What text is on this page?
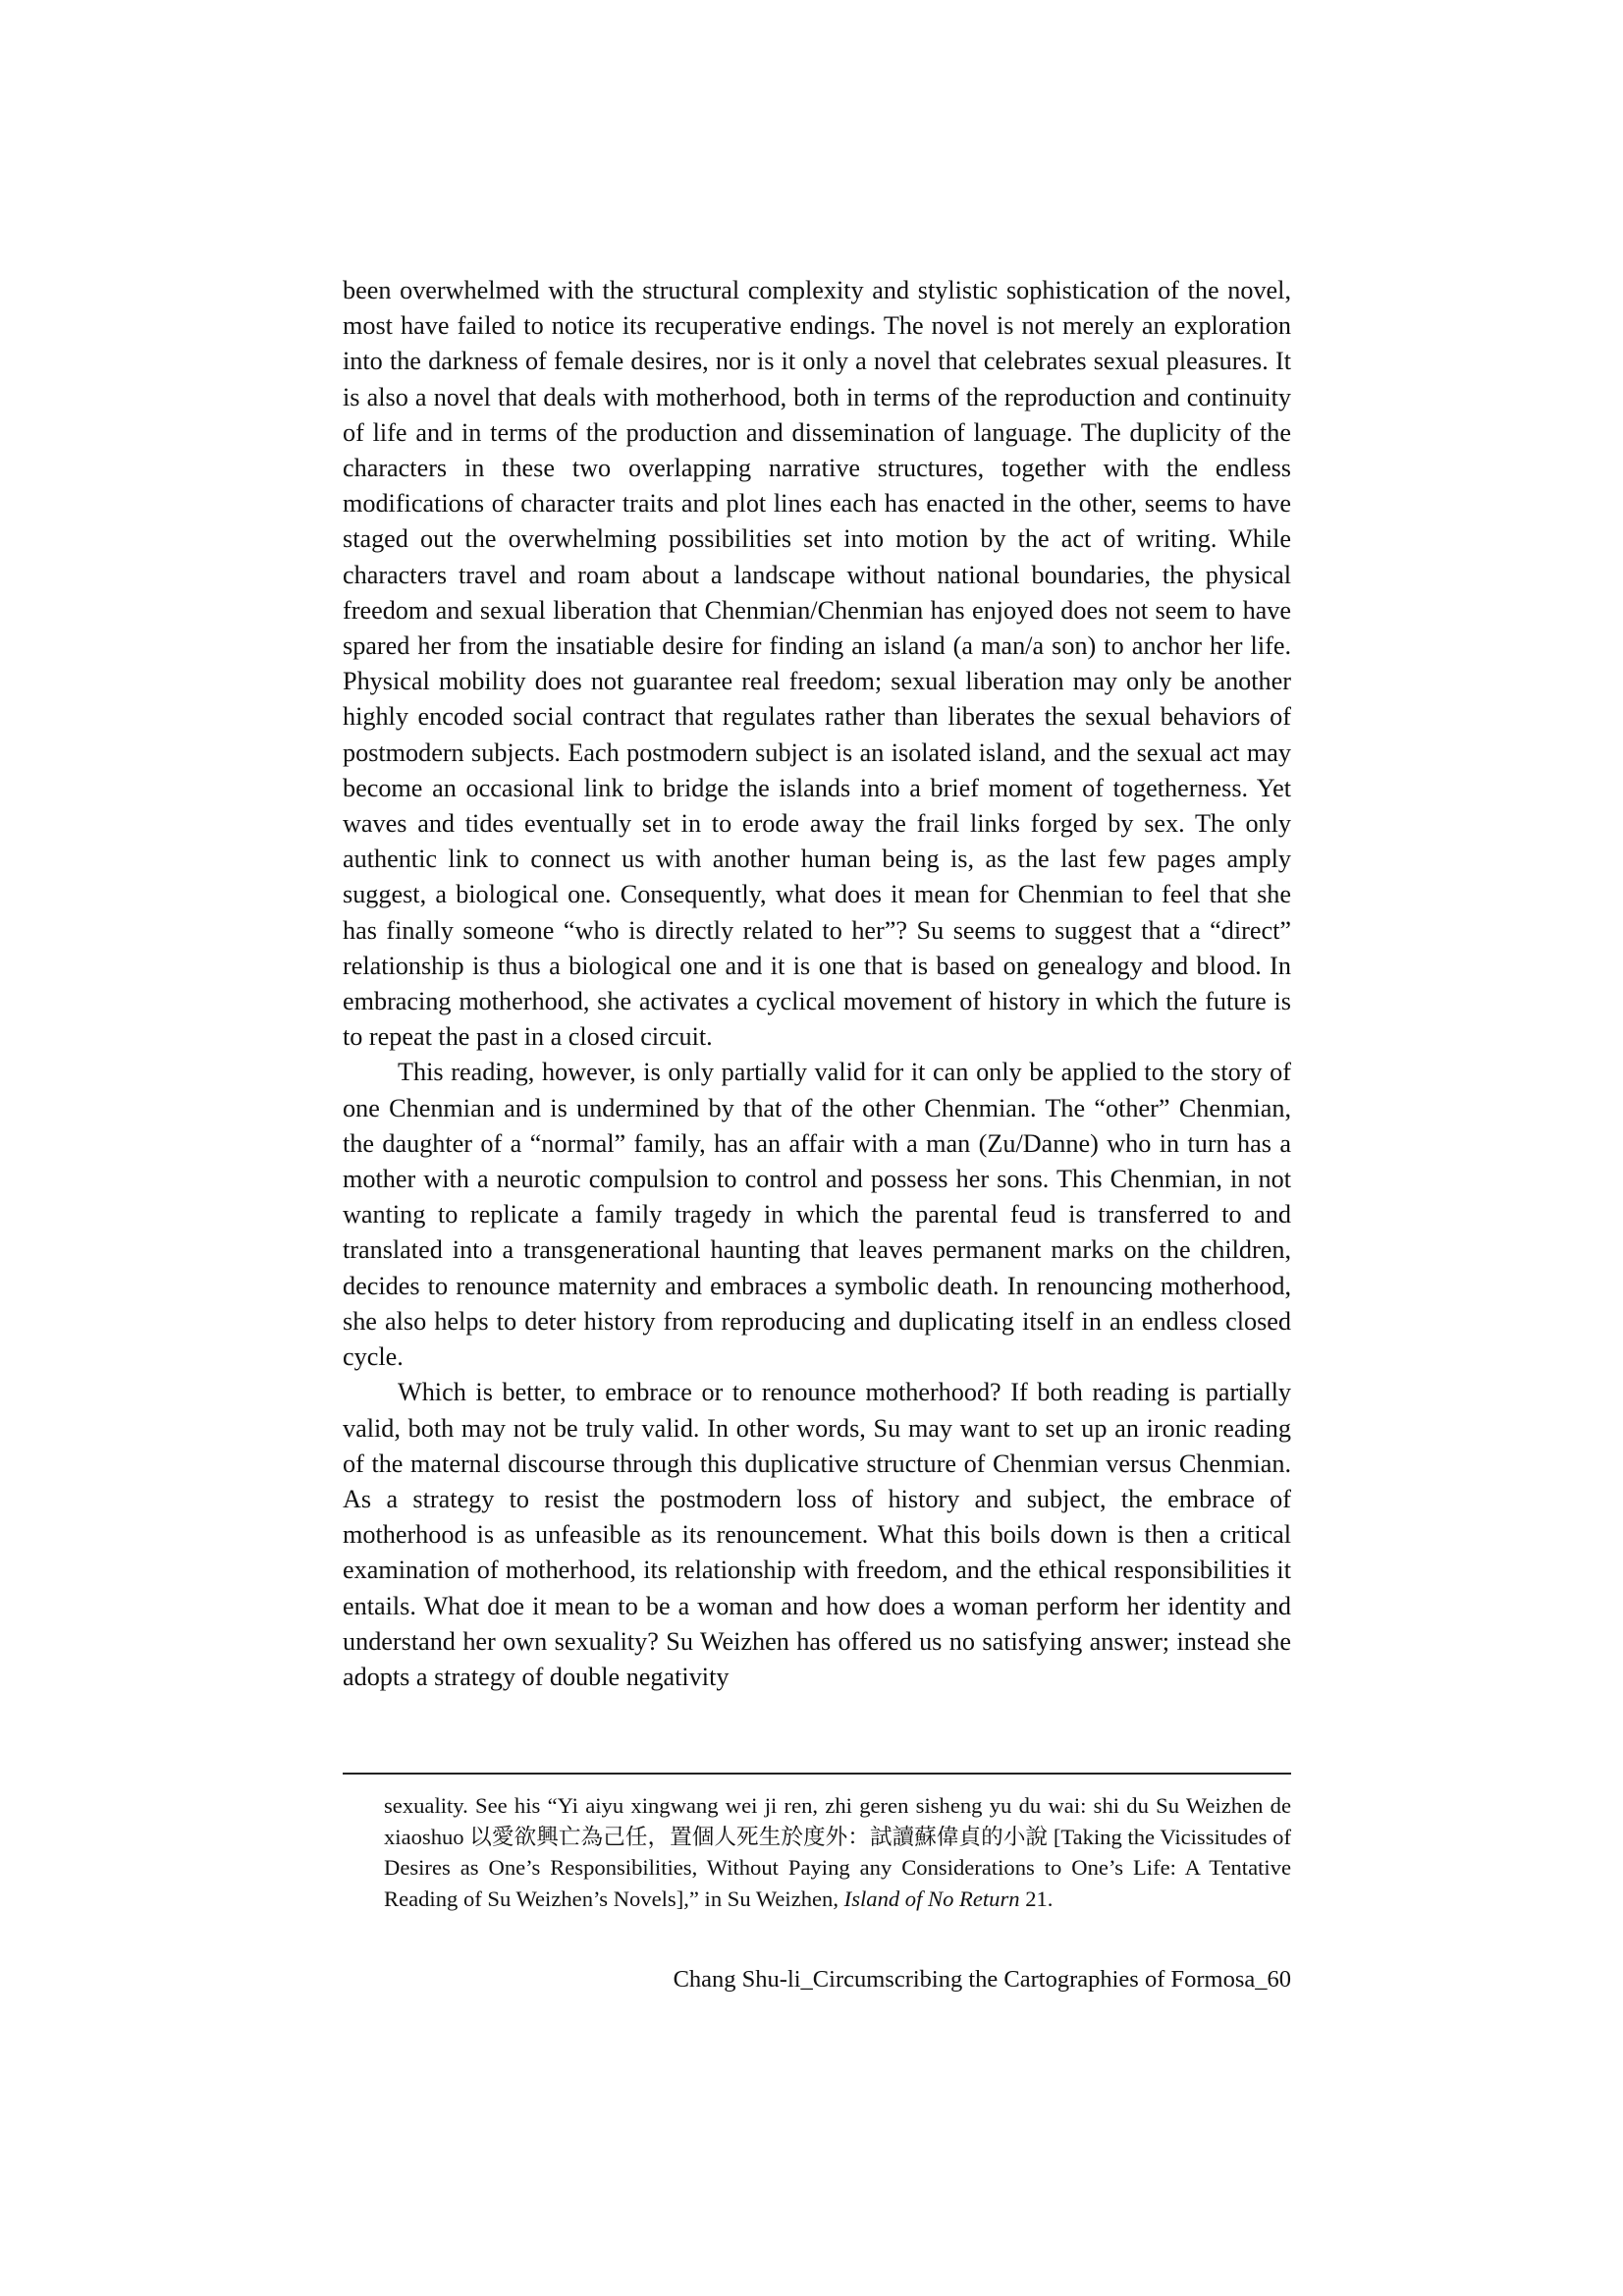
been overwhelmed with the structural complexity and stylistic sophistication of the novel, most have failed to notice its recuperative endings. The novel is not merely an exploration into the darkness of female desires, nor is it only a novel that celebrates sexual pleasures. It is also a novel that deals with motherhood, both in terms of the reproduction and continuity of life and in terms of the production and dissemination of language. The duplicity of the characters in these two overlapping narrative structures, together with the endless modifications of character traits and plot lines each has enacted in the other, seems to have staged out the overwhelming possibilities set into motion by the act of writing. While characters travel and roam about a landscape without national boundaries, the physical freedom and sexual liberation that Chenmian/Chenmian has enjoyed does not seem to have spared her from the insatiable desire for finding an island (a man/a son) to anchor her life. Physical mobility does not guarantee real freedom; sexual liberation may only be another highly encoded social contract that regulates rather than liberates the sexual behaviors of postmodern subjects. Each postmodern subject is an isolated island, and the sexual act may become an occasional link to bridge the islands into a brief moment of togetherness. Yet waves and tides eventually set in to erode away the frail links forged by sex. The only authentic link to connect us with another human being is, as the last few pages amply suggest, a biological one. Consequently, what does it mean for Chenmian to feel that she has finally someone “who is directly related to her”? Su seems to suggest that a “direct” relationship is thus a biological one and it is one that is based on genealogy and blood. In embracing motherhood, she activates a cyclical movement of history in which the future is to repeat the past in a closed circuit.

This reading, however, is only partially valid for it can only be applied to the story of one Chenmian and is undermined by that of the other Chenmian. The “other” Chenmian, the daughter of a “normal” family, has an affair with a man (Zu/Danne) who in turn has a mother with a neurotic compulsion to control and possess her sons. This Chenmian, in not wanting to replicate a family tragedy in which the parental feud is transferred to and translated into a transgenerational haunting that leaves permanent marks on the children, decides to renounce maternity and embraces a symbolic death. In renouncing motherhood, she also helps to deter history from reproducing and duplicating itself in an endless closed cycle.

Which is better, to embrace or to renounce motherhood? If both reading is partially valid, both may not be truly valid. In other words, Su may want to set up an ironic reading of the maternal discourse through this duplicative structure of Chenmian versus Chenmian. As a strategy to resist the postmodern loss of history and subject, the embrace of motherhood is as unfeasible as its renouncement. What this boils down is then a critical examination of motherhood, its relationship with freedom, and the ethical responsibilities it entails. What doe it mean to be a woman and how does a woman perform her identity and understand her own sexuality? Su Weizhen has offered us no satisfying answer; instead she adopts a strategy of double negativity

sexuality. See his “Yi aiyu xingwang wei ji ren, zhi geren sisheng yu du wai: shi du Su Weizhen de xiaoshuo 以愛欲興亡為己任，置個人死生於度外：試讀蘇偉貞的小說 [Taking the Vicissitudes of Desires as One’s Responsibilities, Without Paying any Considerations to One’s Life: A Tentative Reading of Su Weizhen’s Novels],” in Su Weizhen, Island of No Return 21.

Chang Shu-li_Circumscribing the Cartographies of Formosa_60
